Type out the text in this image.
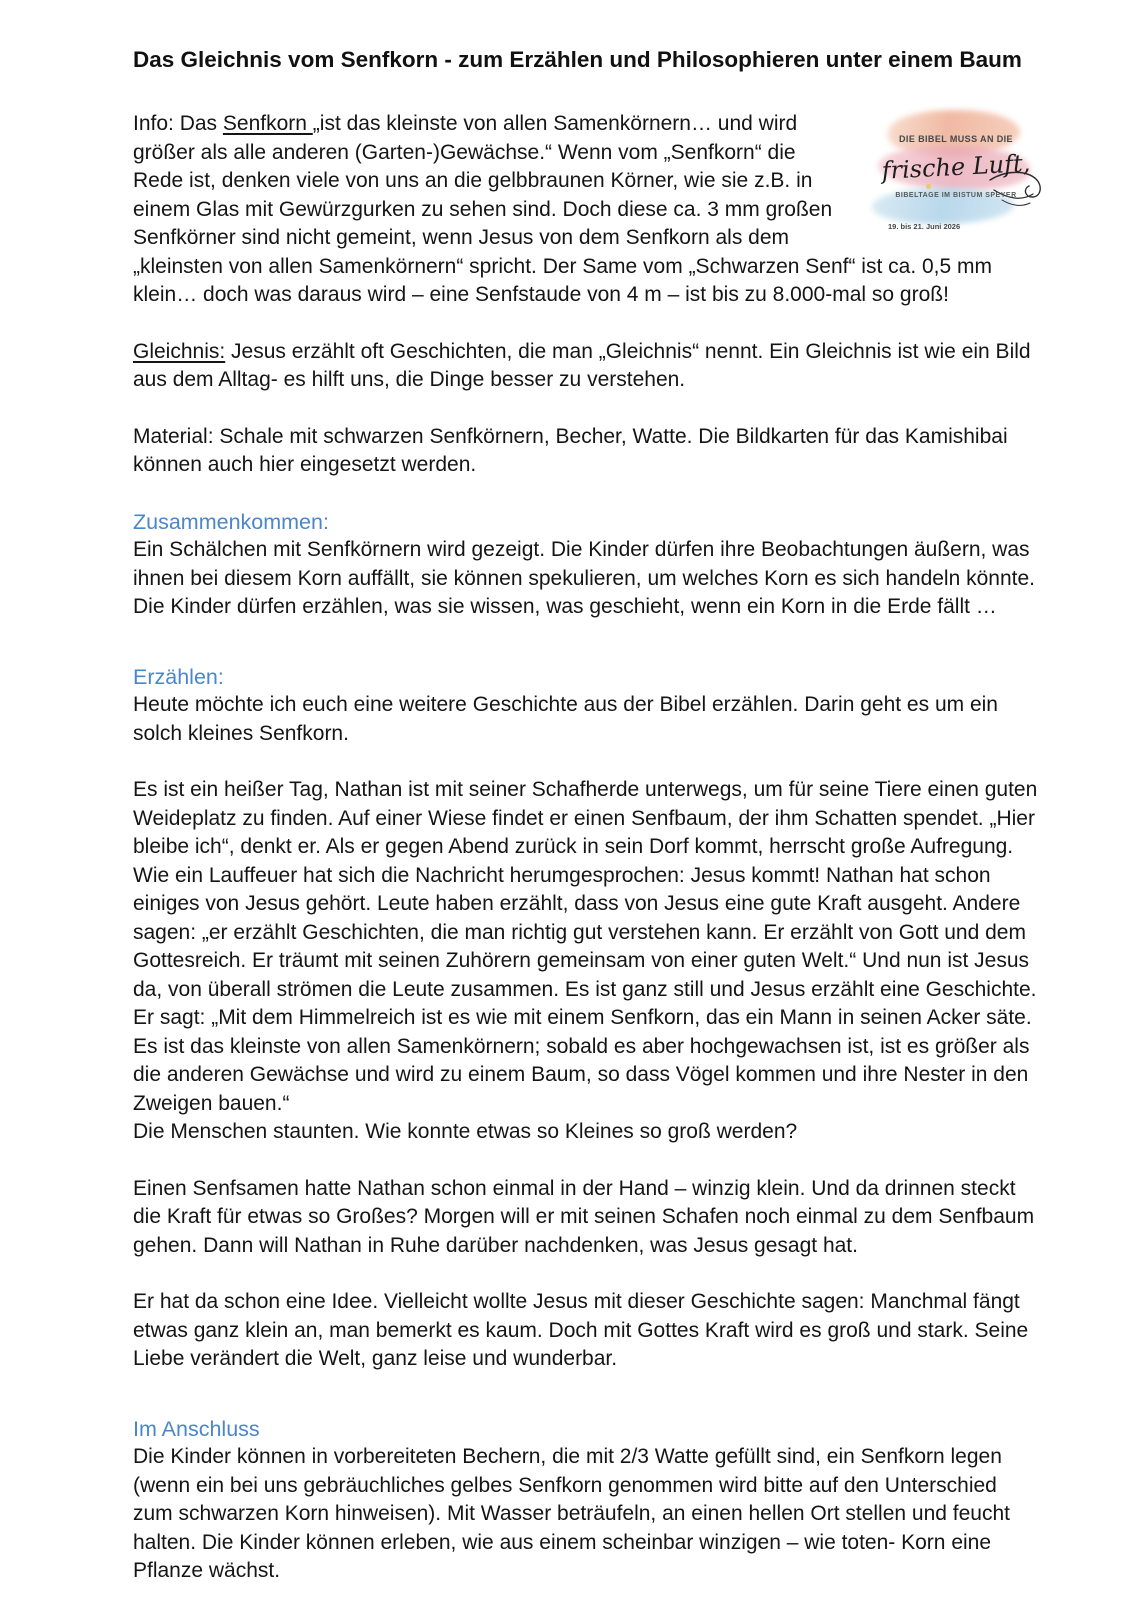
Das Gleichnis vom Senfkorn - zum Erzählen und Philosophieren unter einem Baum

DIE BIBEL MUSS AN DIE
frische Luft,
BIBELTAGE IM BISTUM SPEYER
19. bis 21. Juni 2026
Info: Das Senfkorn „ist das kleinste von allen Samenkörnern… und wird größer als alle anderen (Garten-)Gewächse.“ Wenn vom „Senfkorn“ die Rede ist, denken viele von uns an die gelbbraunen Körner, wie sie z.B. in einem Glas mit Gewürzgurken zu sehen sind. Doch diese ca. 3 mm großen Senfkörner sind nicht gemeint, wenn Jesus von dem Senfkorn als dem „kleinsten von allen Samenkörnern“ spricht. Der Same vom „Schwarzen Senf“ ist ca. 0,5 mm klein… doch was daraus wird – eine Senfstaude von 4 m – ist bis zu 8.000-mal so groß!

Gleichnis: Jesus erzählt oft Geschichten, die man „Gleichnis“ nennt. Ein Gleichnis ist wie ein Bild aus dem Alltag- es hilft uns, die Dinge besser zu verstehen.

Material: Schale mit schwarzen Senfkörnern, Becher, Watte. Die Bildkarten für das Kamishibai können auch hier eingesetzt werden.

Zusammenkommen:

Ein Schälchen mit Senfkörnern wird gezeigt. Die Kinder dürfen ihre Beobachtungen äußern, was ihnen bei diesem Korn auffällt, sie können spekulieren, um welches Korn es sich handeln könnte. Die Kinder dürfen erzählen, was sie wissen, was geschieht, wenn ein Korn in die Erde fällt …

Erzählen:

Heute möchte ich euch eine weitere Geschichte aus der Bibel erzählen. Darin geht es um ein solch kleines Senfkorn.

Es ist ein heißer Tag, Nathan ist mit seiner Schafherde unterwegs, um für seine Tiere einen guten Weideplatz zu finden. Auf einer Wiese findet er einen Senfbaum, der ihm Schatten spendet. „Hier bleibe ich“, denkt er. Als er gegen Abend zurück in sein Dorf kommt, herrscht große Aufregung. Wie ein Lauffeuer hat sich die Nachricht herumgesprochen: Jesus kommt! Nathan hat schon einiges von Jesus gehört. Leute haben erzählt, dass von Jesus eine gute Kraft ausgeht. Andere sagen: „er erzählt Geschichten, die man richtig gut verstehen kann. Er erzählt von Gott und dem Gottesreich. Er träumt mit seinen Zuhörern gemeinsam von einer guten Welt.“ Und nun ist Jesus da, von überall strömen die Leute zusammen. Es ist ganz still und Jesus erzählt eine Geschichte. Er sagt: „Mit dem Himmelreich ist es wie mit einem Senfkorn, das ein Mann in seinen Acker säte. Es ist das kleinste von allen Samenkörnern; sobald es aber hochgewachsen ist, ist es größer als die anderen Gewächse und wird zu einem Baum, so dass Vögel kommen und ihre Nester in den Zweigen bauen.“
Die Menschen staunten. Wie konnte etwas so Kleines so groß werden?

Einen Senfsamen hatte Nathan schon einmal in der Hand – winzig klein. Und da drinnen steckt die Kraft für etwas so Großes? Morgen will er mit seinen Schafen noch einmal zu dem Senfbaum gehen. Dann will Nathan in Ruhe darüber nachdenken, was Jesus gesagt hat.

Er hat da schon eine Idee. Vielleicht wollte Jesus mit dieser Geschichte sagen: Manchmal fängt etwas ganz klein an, man bemerkt es kaum. Doch mit Gottes Kraft wird es groß und stark. Seine Liebe verändert die Welt, ganz leise und wunderbar.

Im Anschluss

Die Kinder können in vorbereiteten Bechern, die mit 2/3 Watte gefüllt sind, ein Senfkorn legen (wenn ein bei uns gebräuchliches gelbes Senfkorn genommen wird bitte auf den Unterschied zum schwarzen Korn hinweisen). Mit Wasser beträufeln, an einen hellen Ort stellen und feucht halten. Die Kinder können erleben, wie aus einem scheinbar winzigen – wie toten- Korn eine Pflanze wächst.
